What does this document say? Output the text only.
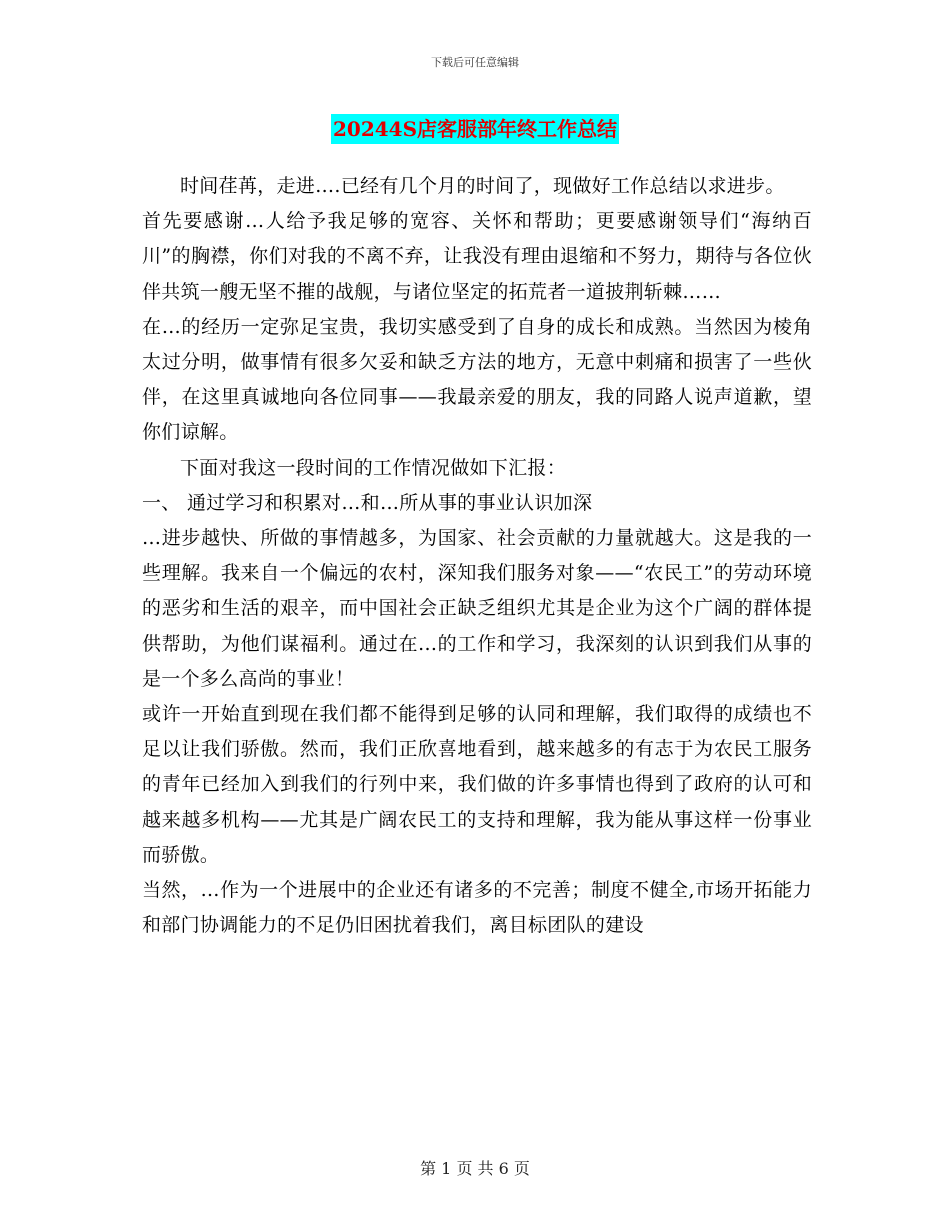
下载后可任意编辑
20244S店客服部年终工作总结

时间荏苒，走进….已经有几个月的时间了，现做好工作总结以求进步。

首先要感谢…人给予我足够的宽容、关怀和帮助；更要感谢领导们“海纳百川”的胸襟，你们对我的不离不弃，让我没有理由退缩和不努力，期待与各位伙伴共筑一艘无坚不摧的战舰，与诸位坚定的拓荒者一道披荆斩棘……

在…的经历一定弥足宝贵，我切实感受到了自身的成长和成熟。当然因为棱角太过分明，做事情有很多欠妥和缺乏方法的地方，无意中刺痛和损害了一些伙伴，在这里真诚地向各位同事——我最亲爱的朋友，我的同路人说声道歉，望你们谅解。

下面对我这一段时间的工作情况做如下汇报：

一、 通过学习和积累对…和…所从事的事业认识加深

…进步越快、所做的事情越多，为国家、社会贡献的力量就越大。这是我的一些理解。我来自一个偏远的农村，深知我们服务对象——“农民工”的劳动环境的恶劣和生活的艰辛，而中国社会正缺乏组织尤其是企业为这个广阔的群体提供帮助，为他们谋福利。通过在...的工作和学习，我深刻的认识到我们从事的是一个多么高尚的事业！

或许一开始直到现在我们都不能得到足够的认同和理解，我们取得的成绩也不足以让我们骄傲。然而，我们正欣喜地看到，越来越多的有志于为农民工服务的青年已经加入到我们的行列中来，我们做的许多事情也得到了政府的认可和越来越多机构——尤其是广阔农民工的支持和理解，我为能从事这样一份事业而骄傲。

当然，…作为一个进展中的企业还有诸多的不完善；制度不健全,市场开拓能力和部门协调能力的不足仍旧困扰着我们，离目标团队的建设

第 1 页 共 6 页
